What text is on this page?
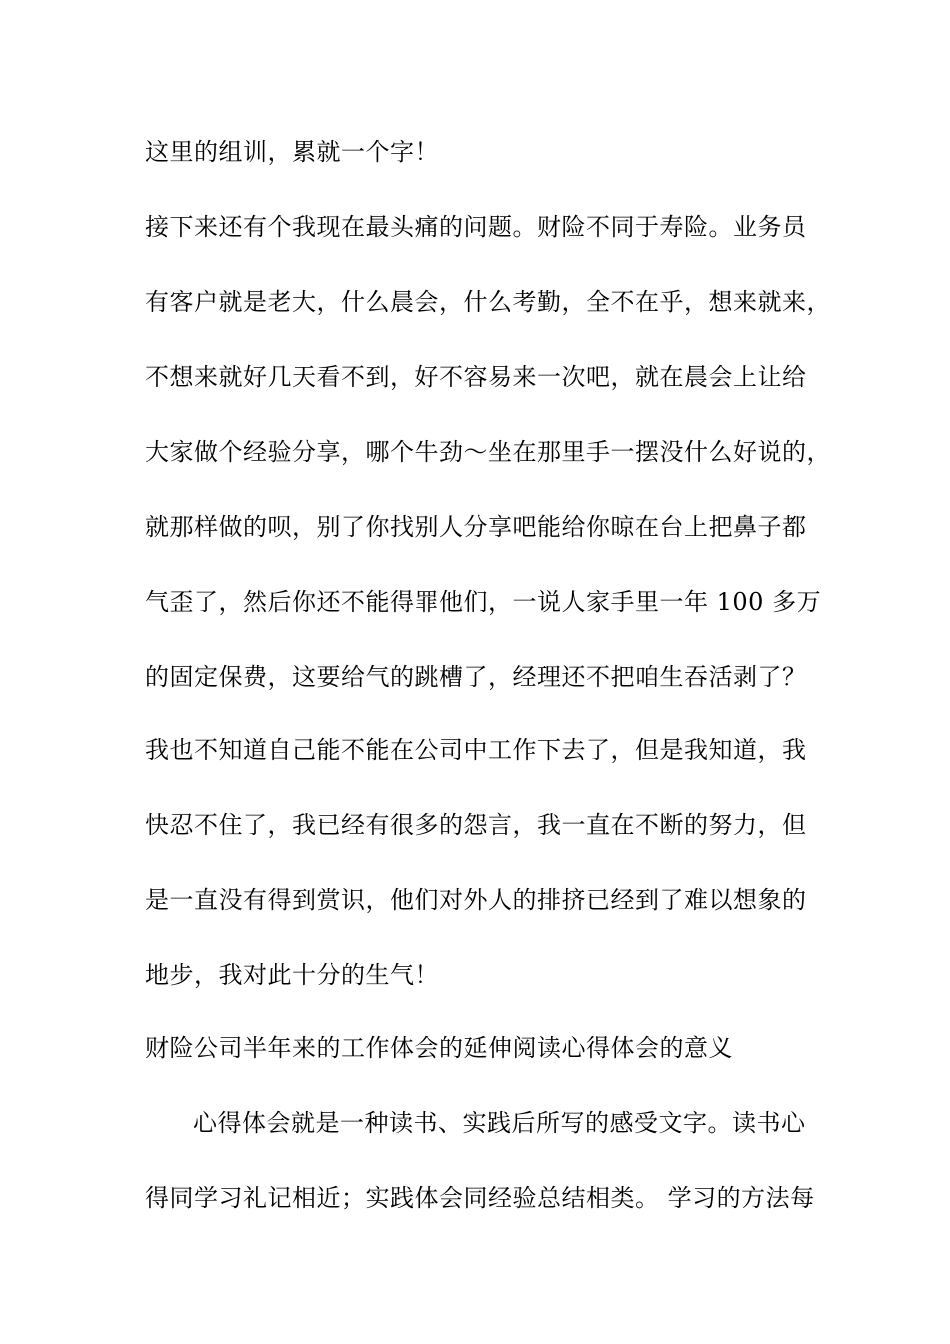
这里的组训，累就一个字！
接下来还有个我现在最头痛的问题。财险不同于寿险。业务员
有客户就是老大，什么晨会，什么考勤，全不在乎，想来就来，
不想来就好几天看不到，好不容易来一次吧，就在晨会上让给
大家做个经验分享，哪个牛劲～坐在那里手一摆没什么好说的，
就那样做的呗，别了你找别人分享吧能给你晾在台上把鼻子都
气歪了，然后你还不能得罪他们，一说人家手里一年 100 多万
的固定保费，这要给气的跳槽了，经理还不把咱生吞活剥了？
我也不知道自己能不能在公司中工作下去了，但是我知道，我
快忍不住了，我已经有很多的怨言，我一直在不断的努力，但
是一直没有得到赏识，他们对外人的排挤已经到了难以想象的
地步，我对此十分的生气！
财险公司半年来的工作体会的延伸阅读心得体会的意义
心得体会就是一种读书、实践后所写的感受文字。读书心
得同学习礼记相近；实践体会同经验总结相类。 学习的方法每
